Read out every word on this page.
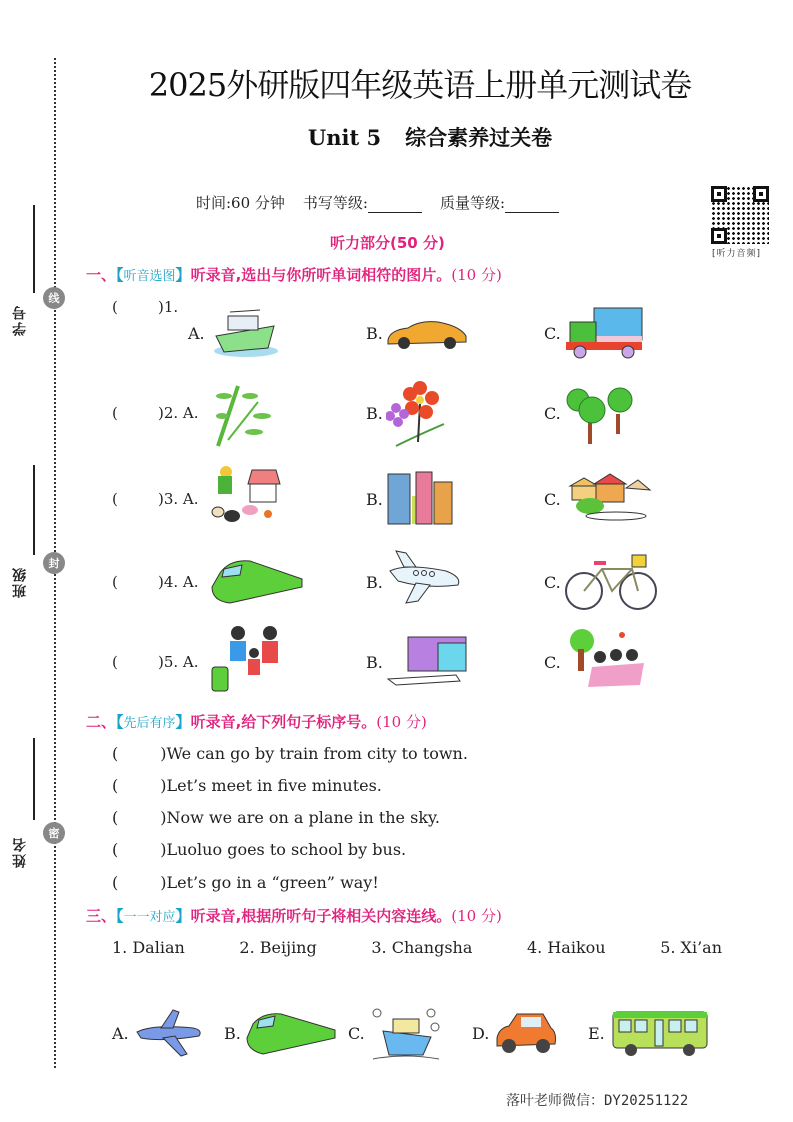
线
封
密
学号
班级
姓名
2025外研版四年级英语上册单元测试卷
Unit 5 综合素养过关卷
时间:60 分钟 书写等级:	质量等级:
[听力音频]
听力部分(50 分)
一、【听音选图】听录音,选出与你所听单词相符的图片。(10 分)
(	)1.
A.	B.	C.
(	)2. A.	B.	C.
(	)3. A.	B.	C.
(	)4. A.	B.	C.
(	)5. A.	B.	C.
二、【先后有序】听录音,给下列句子标序号。(10 分)
(	)We can go by train from city to town.
(	)Let’s meet in five minutes.
(	)Now we are on a plane in the sky.
(	)Luoluo goes to school by bus.
(	)Let’s go in a “green” way!
三、【一一对应】听录音,根据所听句子将相关内容连线。(10 分)
1. Dalian	2. Beijing	3. Changsha	4. Haikou	5. Xi’an
A.	B.	C.	D.	E.
落叶老师微信：DY20251122
